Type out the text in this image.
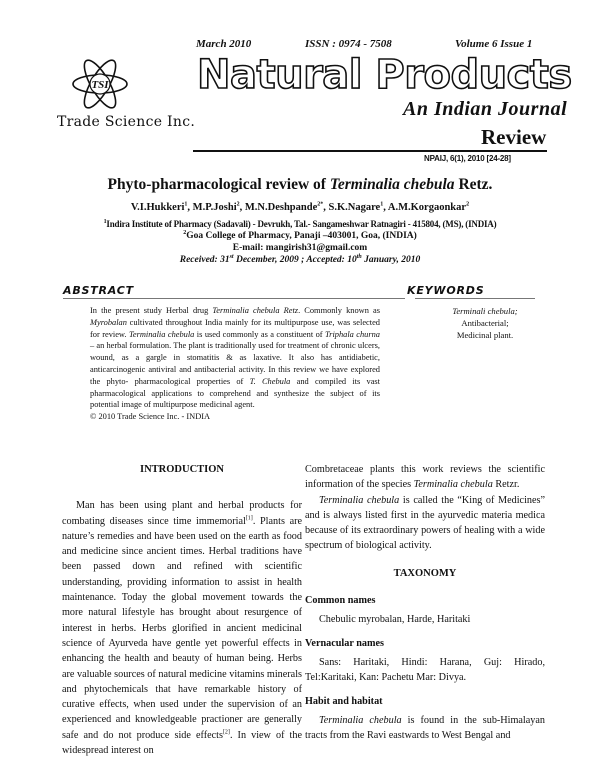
March 2010	ISSN : 0974 - 7508	Volume 6 Issue 1
TSI
Trade Science Inc.
Natural Products
An Indian Journal
Review
NPAIJ, 6(1), 2010 [24-28]
Phyto-pharmacological review of Terminalia chebula Retz.
V.I.Hukkeri$^1$, M.P.Joshi$^2$, M.N.Deshpande$^{2*}$, S.K.Nagare$^1$, A.M.Korgaonkar$^2$
$^1$Indira Institute of Pharmacy (Sadavali) - Devrukh, Tal.- Sangameshwar Ratnagiri - 415804, (MS), (INDIA)
$^2$Goa College of Pharmacy, Panaji –403001, Goa, (INDIA)
E-mail: mangirish31@gmail.com
Received: 31st December, 2009 ; Accepted: 10th January, 2010
ABSTRACT	KEYWORDS
In the present study Herbal drug Terminalia chebula Retz. Commonly known as Myrobalan cultivated throughout India mainly for its multipurpose use, was selected for review. Terminalia chebula is used commonly as a constituent of Triphala churna – an herbal formulation. The plant is traditionally used for treatment of chronic ulcers, wound, as a gargle in stomatitis & as laxative. It also has antidiabetic, anticarcinogenic antiviral and antibacterial activity. In this review we have explored the phyto- pharmacological properties of T. Chebula and compiled its vast pharmacological applications to comprehend and synthesize the subject of its potential image of multipurpose medicinal agent.
© 2010 Trade Science Inc. - INDIA
Terminali chebula;
Antibacterial;
Medicinal plant.
INTRODUCTION

Man has been using plant and herbal products for combating diseases since time immemorial[1]. Plants are nature’s remedies and have been used on the earth as food and medicine since ancient times. Herbal traditions have been passed down and refined with scientific understanding, providing information to assist in health maintenance. Today the global movement towards the more natural lifestyle has brought about resurgence of interest in herbs. Herbs glorified in ancient medicinal science of Ayurveda have gentle yet powerful effects in enhancing the health and beauty of human being. Herbs are valuable sources of natural medicine vitamins minerals and phytochemicals that have remarkable history of curative effects, when used under the supervision of an experienced and knowledgeable practioner are generally safe and do not produce side effects[2]. In view of the widespread interest on

Combretaceae plants this work reviews the scientific information of the species Terminalia chebula Retzr.

Terminalia chebula is called the “King of Medicines” and is always listed first in the ayurvedic materia medica because of its extraordinary powers of healing with a wide spectrum of biological activity.

TAXONOMY
Common names

Chebulic myrobalan, Harde, Haritaki

Vernacular names

Sans: Haritaki, Hindi: Harana, Guj: Hirado, Tel:Karitaki, Kan: Pachetu Mar: Divya.

Habit and habitat

Terminalia chebula is found in the sub-Himalayan tracts from the Ravi eastwards to West Bengal and
